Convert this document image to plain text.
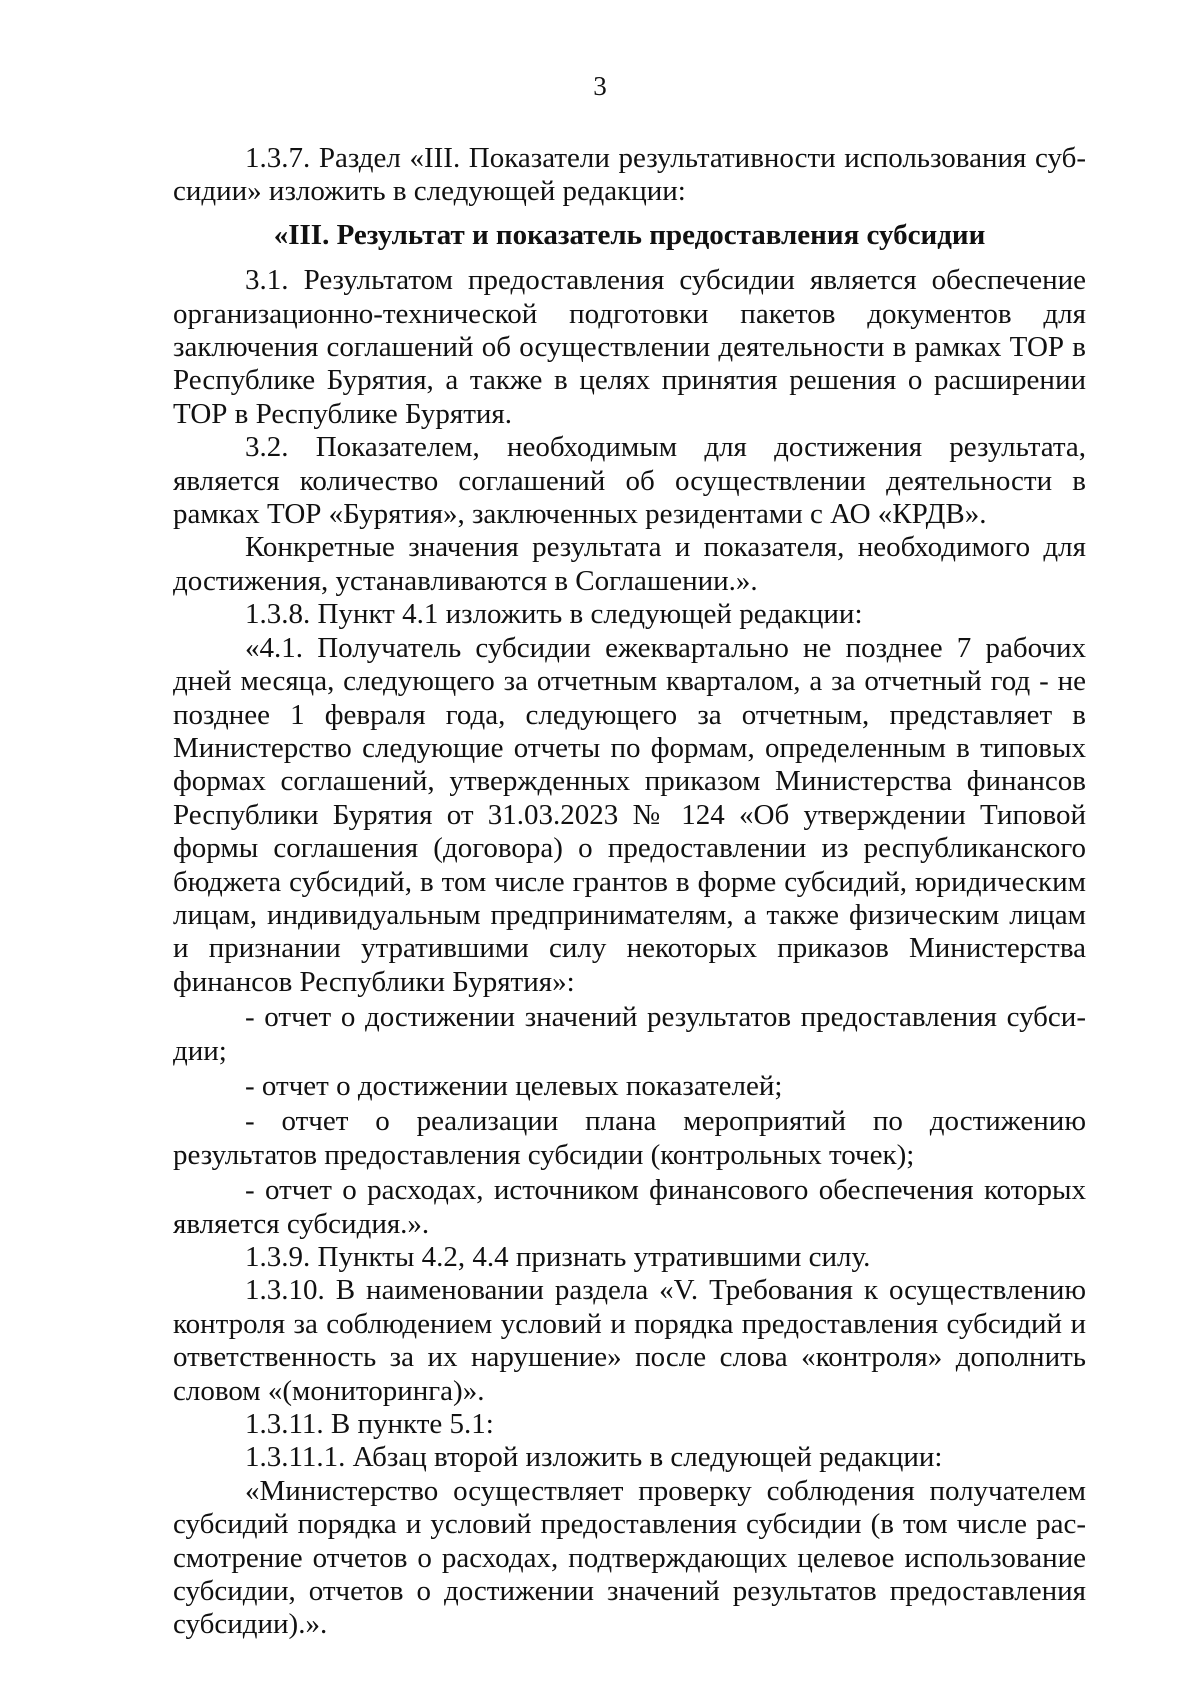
3

1.3.7. Раздел «III. Показатели результативности использования субсидии» изложить в следующей редакции:

«III. Результат и показатель предоставления субсидии

3.1. Результатом предоставления субсидии является обеспечение организационно-технической подготовки пакетов документов для заключения соглашений об осуществлении деятельности в рамках ТОР в Республике Бурятия, а также в целях принятия решения о расширении ТОР в Республике Бурятия.

3.2. Показателем, необходимым для достижения результата, является количество соглашений об осуществлении деятельности в рамках ТОР «Бурятия», заключенных резидентами с АО «КРДВ».

Конкретные значения результата и показателя, необходимого для достижения, устанавливаются в Соглашении.».

1.3.8. Пункт 4.1 изложить в следующей редакции:

«4.1. Получатель субсидии ежеквартально не позднее 7 рабочих дней месяца, следующего за отчетным кварталом, а за отчетный год - не позднее 1 февраля года, следующего за отчетным, представляет в Министерство следующие отчеты по формам, определенным в типовых формах соглашений, утвержденных приказом Министерства финансов Республики Бурятия от 31.03.2023 № 124 «Об утверждении Типовой формы соглашения (договора) о предоставлении из республиканского бюджета субсидий, в том числе грантов в форме субсидий, юридическим лицам, индивидуальным предпринимателям, а также физическим лицам и признании утратившими силу некоторых приказов Министерства финансов Республики Бурятия»:

- отчет о достижении значений результатов предоставления субсидии;

- отчет о достижении целевых показателей;

- отчет о реализации плана мероприятий по достижению результатов предоставления субсидии (контрольных точек);

- отчет о расходах, источником финансового обеспечения которых является субсидия.».

1.3.9. Пункты 4.2, 4.4 признать утратившими силу.

1.3.10. В наименовании раздела «V. Требования к осуществлению контроля за соблюдением условий и порядка предоставления субсидий и ответственность за их нарушение» после слова «контроля» дополнить словом «(мониторинга)».

1.3.11. В пункте 5.1:

1.3.11.1. Абзац второй изложить в следующей редакции:

«Министерство осуществляет проверку соблюдения получателем субсидий порядка и условий предоставления субсидии (в том числе рассмотрение отчетов о расходах, подтверждающих целевое использование субсидии, отчетов о достижении значений результатов предоставления субсидии).».
